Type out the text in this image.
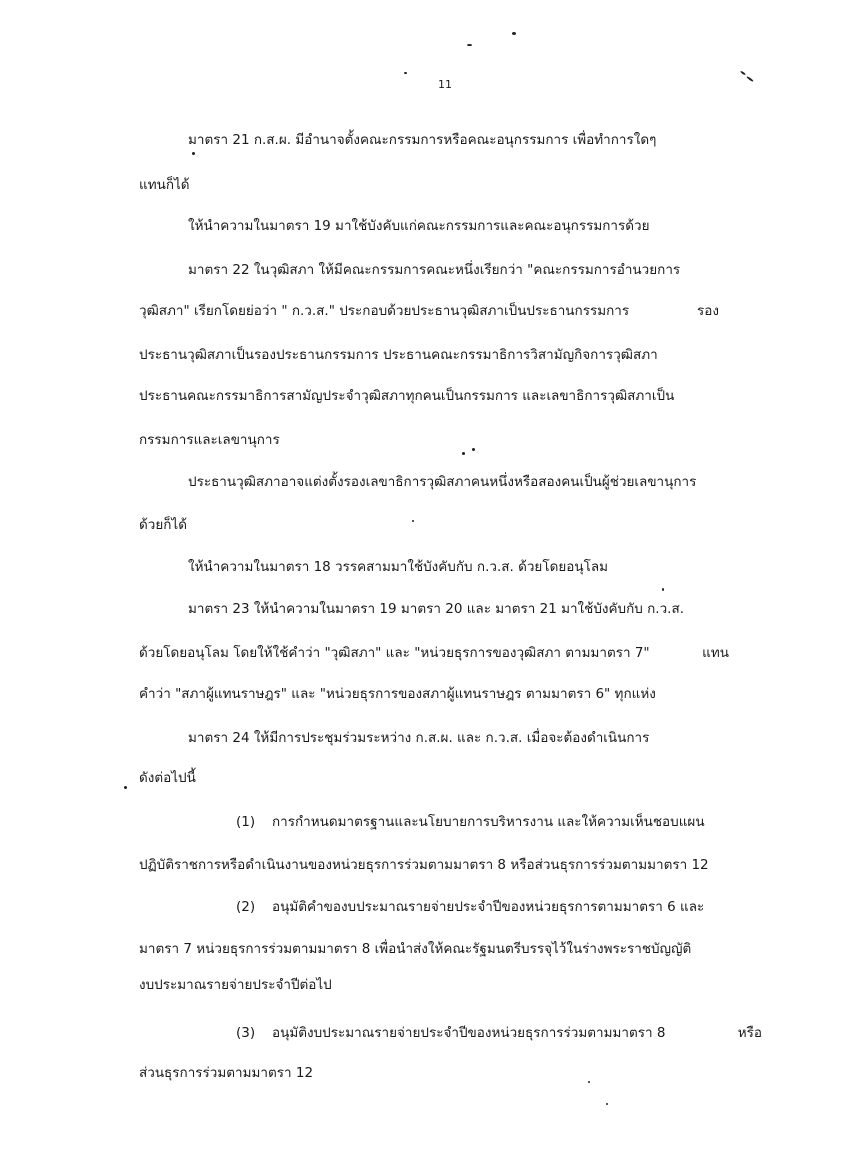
11

มาตรา 21 ก.ส.ผ. มีอำนาจตั้งคณะกรรมการหรือคณะอนุกรรมการ เพื่อทำการใดๆ

แทนก็ได้

ให้นำความในมาตรา 19 มาใช้บังคับแก่คณะกรรมการและคณะอนุกรรมการด้วย

มาตรา 22 ในวุฒิสภา ให้มีคณะกรรมการคณะหนึ่งเรียกว่า "คณะกรรมการอำนวยการ

วุฒิสภา" เรียกโดยย่อว่า " ก.ว.ส." ประกอบด้วยประธานวุฒิสภาเป็นประธานกรรมการ	รอง

ประธานวุฒิสภาเป็นรองประธานกรรมการ ประธานคณะกรรมาธิการวิสามัญกิจการวุฒิสภา

ประธานคณะกรรมาธิการสามัญประจำวุฒิสภาทุกคนเป็นกรรมการ และเลขาธิการวุฒิสภาเป็น

กรรมการและเลขานุการ

ประธานวุฒิสภาอาจแต่งตั้งรองเลขาธิการวุฒิสภาคนหนึ่งหรือสองคนเป็นผู้ช่วยเลขานุการ

ด้วยก็ได้

ให้นำความในมาตรา 18 วรรคสามมาใช้บังคับกับ ก.ว.ส. ด้วยโดยอนุโลม

มาตรา 23 ให้นำความในมาตรา 19 มาตรา 20 และ มาตรา 21 มาใช้บังคับกับ ก.ว.ส.

ด้วยโดยอนุโลม โดยให้ใช้คำว่า "วุฒิสภา" และ "หน่วยธุรการของวุฒิสภา ตามมาตรา 7"	แทน

คำว่า "สภาผู้แทนราษฎร" และ "หน่วยธุรการของสภาผู้แทนราษฎร ตามมาตรา 6" ทุกแห่ง

มาตรา 24 ให้มีการประชุมร่วมระหว่าง ก.ส.ผ. และ ก.ว.ส. เมื่อจะต้องดำเนินการ

ดังต่อไปนี้

(1) การกำหนดมาตรฐานและนโยบายการบริหารงาน และให้ความเห็นชอบแผน

ปฏิบัติราชการหรือดำเนินงานของหน่วยธุรการร่วมตามมาตรา 8 หรือส่วนธุรการร่วมตามมาตรา 12

(2) อนุมัติคำของบประมาณรายจ่ายประจำปีของหน่วยธุรการตามมาตรา 6 และ

มาตรา 7 หน่วยธุรการร่วมตามมาตรา 8 เพื่อนำส่งให้คณะรัฐมนตรีบรรจุไว้ในร่างพระราชบัญญัติ

งบประมาณรายจ่ายประจำปีต่อไป

(3) อนุมัติงบประมาณรายจ่ายประจำปีของหน่วยธุรการร่วมตามมาตรา 8	หรือ

ส่วนธุรการร่วมตามมาตรา 12
